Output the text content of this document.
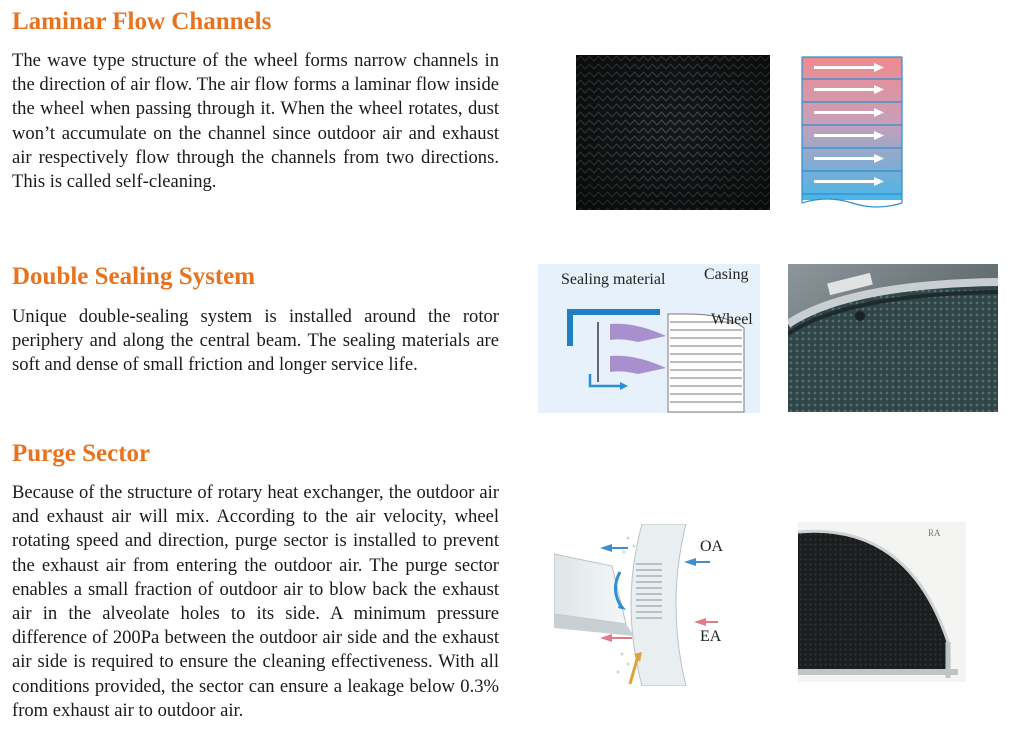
Laminar Flow Channels

The wave type structure of the wheel forms narrow channels in the direction of air flow. The air flow forms a laminar flow inside the wheel when passing through it. When the wheel rotates, dust won’t accumulate on the channel since outdoor air and exhaust air respectively flow through the channels from two directions. This is called self-cleaning.

Double Sealing System

Unique double-sealing system is installed around the rotor periphery and along the central beam. The sealing materials are soft and dense of small friction and longer service life.

Sealing material Casing
Wheel
Purge Sector

Because of the structure of rotary heat exchanger, the outdoor air and exhaust air will mix. According to the air velocity, wheel rotating speed and direction, purge sector is installed to prevent the exhaust air from entering the outdoor air. The purge sector enables a small fraction of outdoor air to blow back the exhaust air in the alveolate holes to its side. A minimum pressure difference of 200Pa between the outdoor air side and the exhaust air side is required to ensure the cleaning effectiveness. With all conditions provided, the sector can ensure a leakage below 0.3% from exhaust air to outdoor air.

OA
EA
RA
